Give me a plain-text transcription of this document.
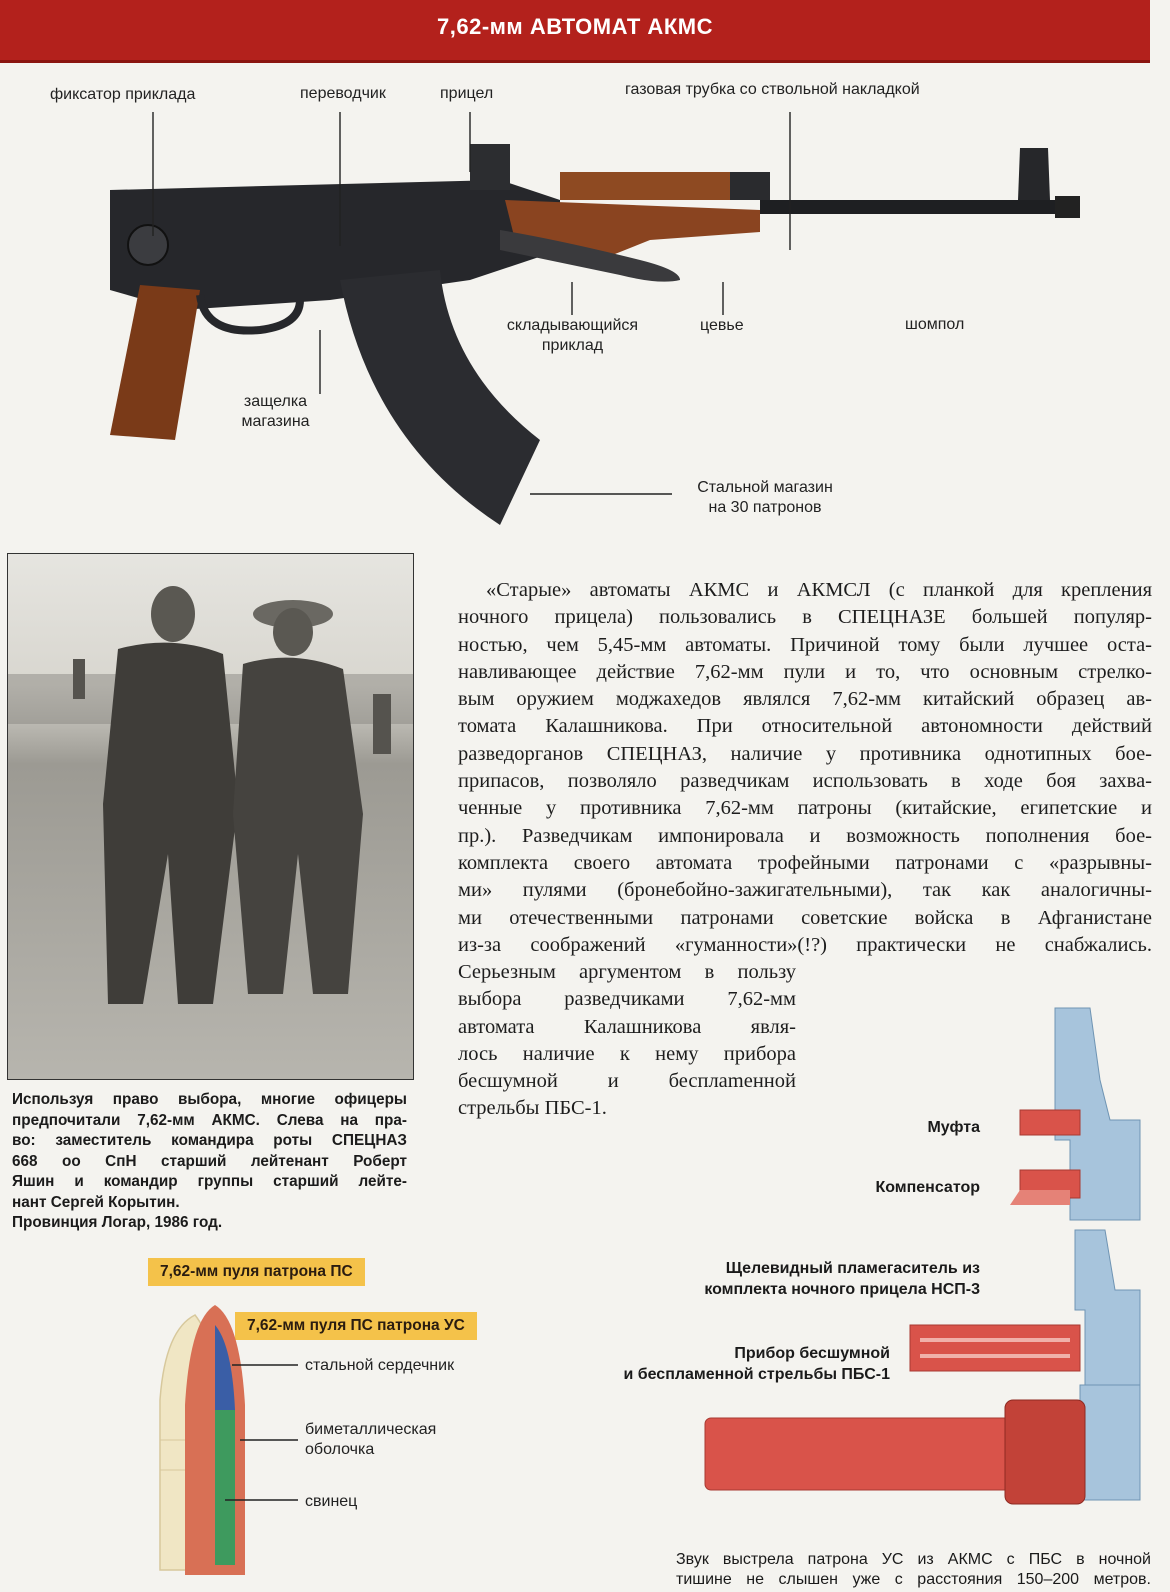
7,62-мм АВТОМАТ АКМС
фиксатор приклада	переводчик	прицел	газовая трубка со ствольной накладкой
складывающийся
приклад
цевье	шомпол
защелка
магазина
Стальной магазин
на 30 патронов
Используя право выбора, многие офицеры
предпочитали 7,62-мм АКМС. Слева на пра-
во: заместитель командира роты СПЕЦНАЗ
668 оо СпН старший лейтенант Роберт
Яшин и командир группы старший лейте-
нант Сергей Корытин.
Провинция Логар, 1986 год.
«Старые» автоматы АКМС и АКМСЛ (с планкой для крепления
ночного прицела) пользовались в СПЕЦНАЗЕ большей популяр-
ностью, чем 5,45-мм автоматы. Причиной тому были лучшее оста-
навливающее действие 7,62-мм пули и то, что основным стрелко-
вым оружием моджахедов являлся 7,62-мм китайский образец ав-
томата Калашникова. При относительной автономности действий
разведорганов СПЕЦНАЗ, наличие у противника однотипных бое-
припасов, позволяло разведчикам использовать в ходе боя захва-
ченные у противника 7,62-мм патроны (китайские, египетские и
пр.). Разведчикам импонировала и возможность пополнения бое-
комплекта своего автомата трофейными патронами с «разрывны-
ми» пулями (бронебойно-зажигательными), так как аналогичны-
ми отечественными патронами советские войска в Афганистане
из-за соображений «гуманности»(!?) практически не снабжались.
Серьезным аргументом в пользу
выбора разведчиками 7,62-мм
автомата Калашникова явля-
лось наличие к нему прибора
бесшумной и бесплameнной
стрельбы ПБС-1.
7,62-мм пуля патрона ПС
7,62-мм пуля ПС патрона УС
стальной сердечник
биметаллическая
оболочка
свинец
Муфта
Компенсатор
Щелевидный пламегаситель из
комплекта ночного прицела НСП-3
Прибор бесшумной
и беспламенной стрельбы ПБС-1
Звук выстрела патрона УС из АКМС с ПБС в ночной
тишине не слышен уже с расстояния 150–200 метров.
